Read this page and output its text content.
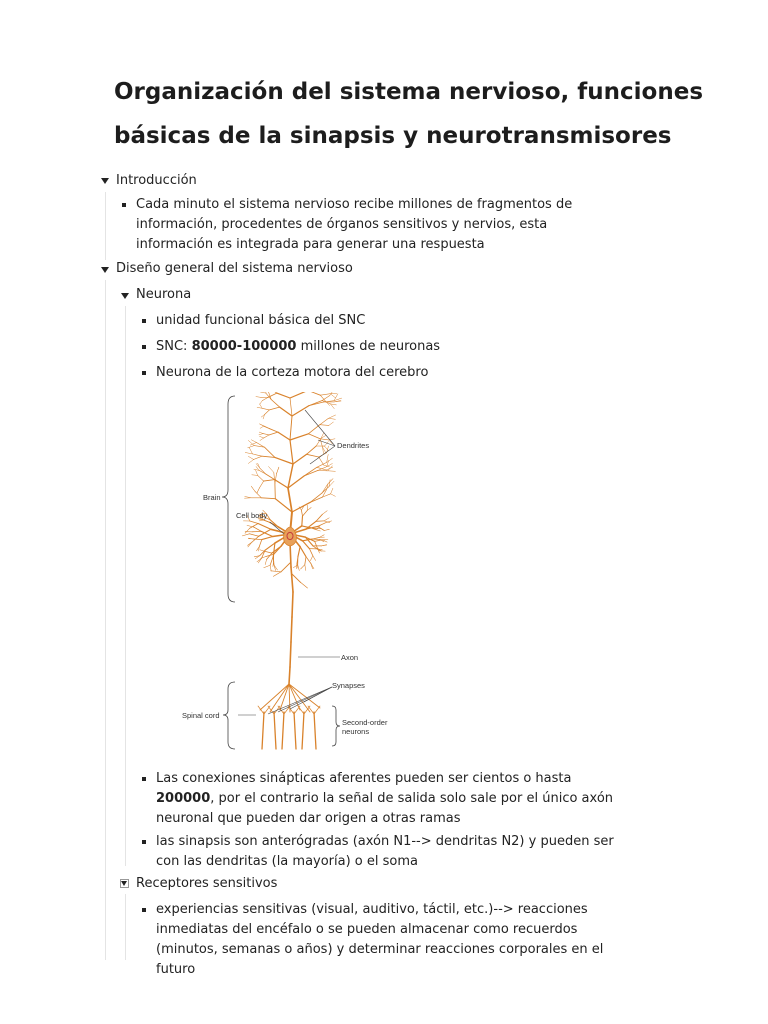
Organización del sistema nervioso, funciones básicas de la sinapsis y neurotransmisores
Introducción
Cada minuto el sistema nervioso recibe millones de fragmentos de información, procedentes de órganos sensitivos y nervios, esta información es integrada para generar una respuesta
Diseño general del sistema nervioso
Neurona
unidad funcional básica del SNC
SNC: 80000-100000 millones de neuronas
Neurona de la corteza motora del cerebro
Dendrites
Brain
Cell body
Axon
Synapses
Spinal cord
Second-order
neurons
Las conexiones sinápticas aferentes pueden ser cientos o hasta 200000, por el contrario la señal de salida solo sale por el único axón neuronal que pueden dar origen a otras ramas
las sinapsis son anterógradas (axón N1--> dendritas N2) y pueden ser con las dendritas (la mayoría) o el soma
Receptores sensitivos
experiencias sensitivas (visual, auditivo, táctil, etc.)--> reacciones inmediatas del encéfalo o se pueden almacenar como recuerdos (minutos, semanas o años) y determinar reacciones corporales en el futuro
